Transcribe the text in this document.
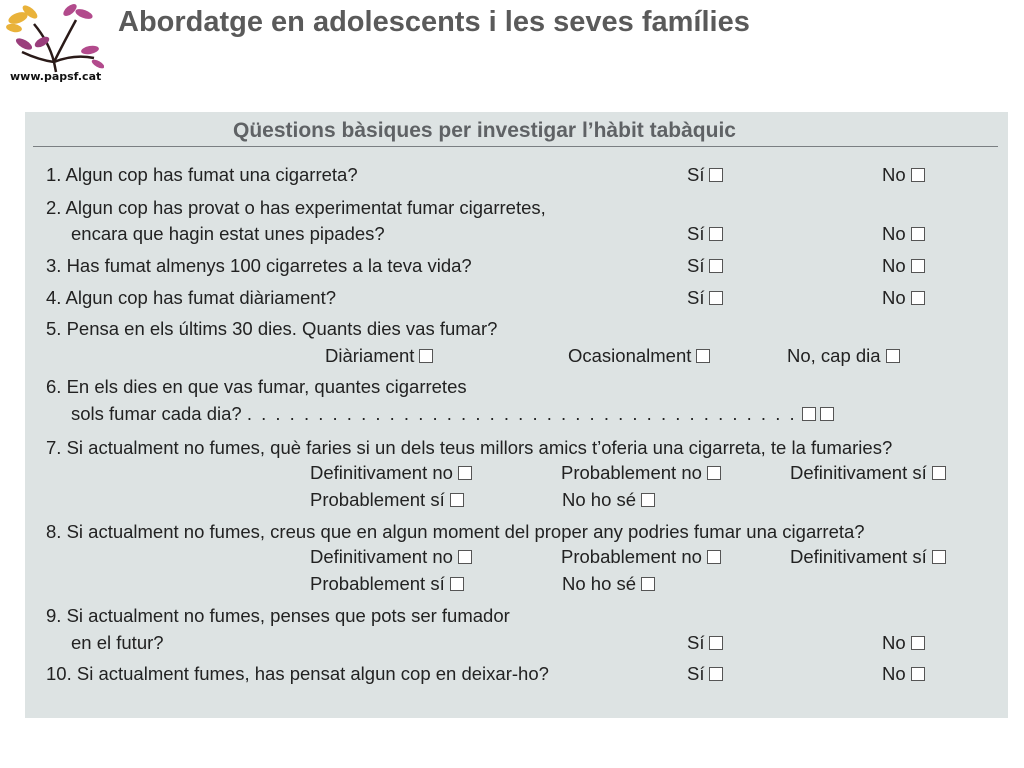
www.papsf.cat
Abordatge en adolescents i les seves famílies
Qüestions bàsiques per investigar l’hàbit tabàquic
1. Algun cop has fumat una cigarreta?	Sí	No
2. Algun cop has provat o has experimentat fumar cigarretes,
encara que hagin estat unes pipades?	Sí	No
3. Has fumat almenys 100 cigarretes a la teva vida?	Sí	No
4. Algun cop has fumat diàriament?	Sí	No
5. Pensa en els últims 30 dies. Quants dies vas fumar?
Diàriament	Ocasionalment	No, cap dia
6. En els dies en que vas fumar, quantes cigarretes
sols fumar cada dia? . . . . . . . . . . . . . . . . . . . . . . . . . . . . . . . . . . . . . . .
7. Si actualment no fumes, què faries si un dels teus millors amics t’oferia una cigarreta, te la fumaries?
Definitivament no	Probablement no	Definitivament sí
Probablement sí	No ho sé
8. Si actualment no fumes, creus que en algun moment del proper any podries fumar una cigarreta?
Definitivament no	Probablement no	Definitivament sí
Probablement sí	No ho sé
9. Si actualment no fumes, penses que pots ser fumador
en el futur?	Sí	No
10. Si actualment fumes, has pensat algun cop en deixar-ho?	Sí	No
